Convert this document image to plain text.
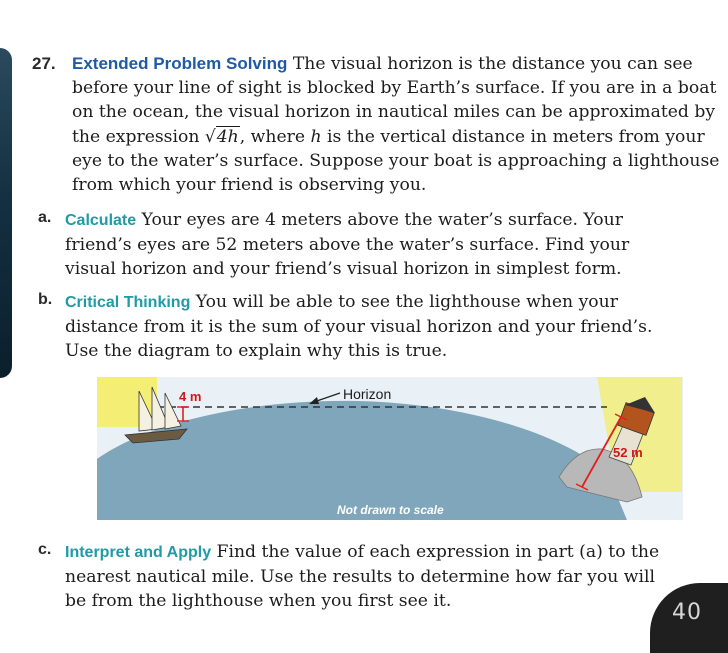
27. Extended Problem Solving The visual horizon is the distance you can see before your line of sight is blocked by Earth’s surface. If you are in a boat on the ocean, the visual horizon in nautical miles can be approximated by the expression √4h, where h is the vertical distance in meters from your eye to the water’s surface. Suppose your boat is approaching a lighthouse from which your friend is observing you.
a. Calculate Your eyes are 4 meters above the water’s surface. Your friend’s eyes are 52 meters above the water’s surface. Find your visual horizon and your friend’s visual horizon in simplest form.
b. Critical Thinking You will be able to see the lighthouse when your distance from it is the sum of your visual horizon and your friend’s. Use the diagram to explain why this is true.
4 m	Horizon
52 m
Not drawn to scale
c. Interpret and Apply Find the value of each expression in part (a) to the nearest nautical mile. Use the results to determine how far you will be from the lighthouse when you first see it.	40
